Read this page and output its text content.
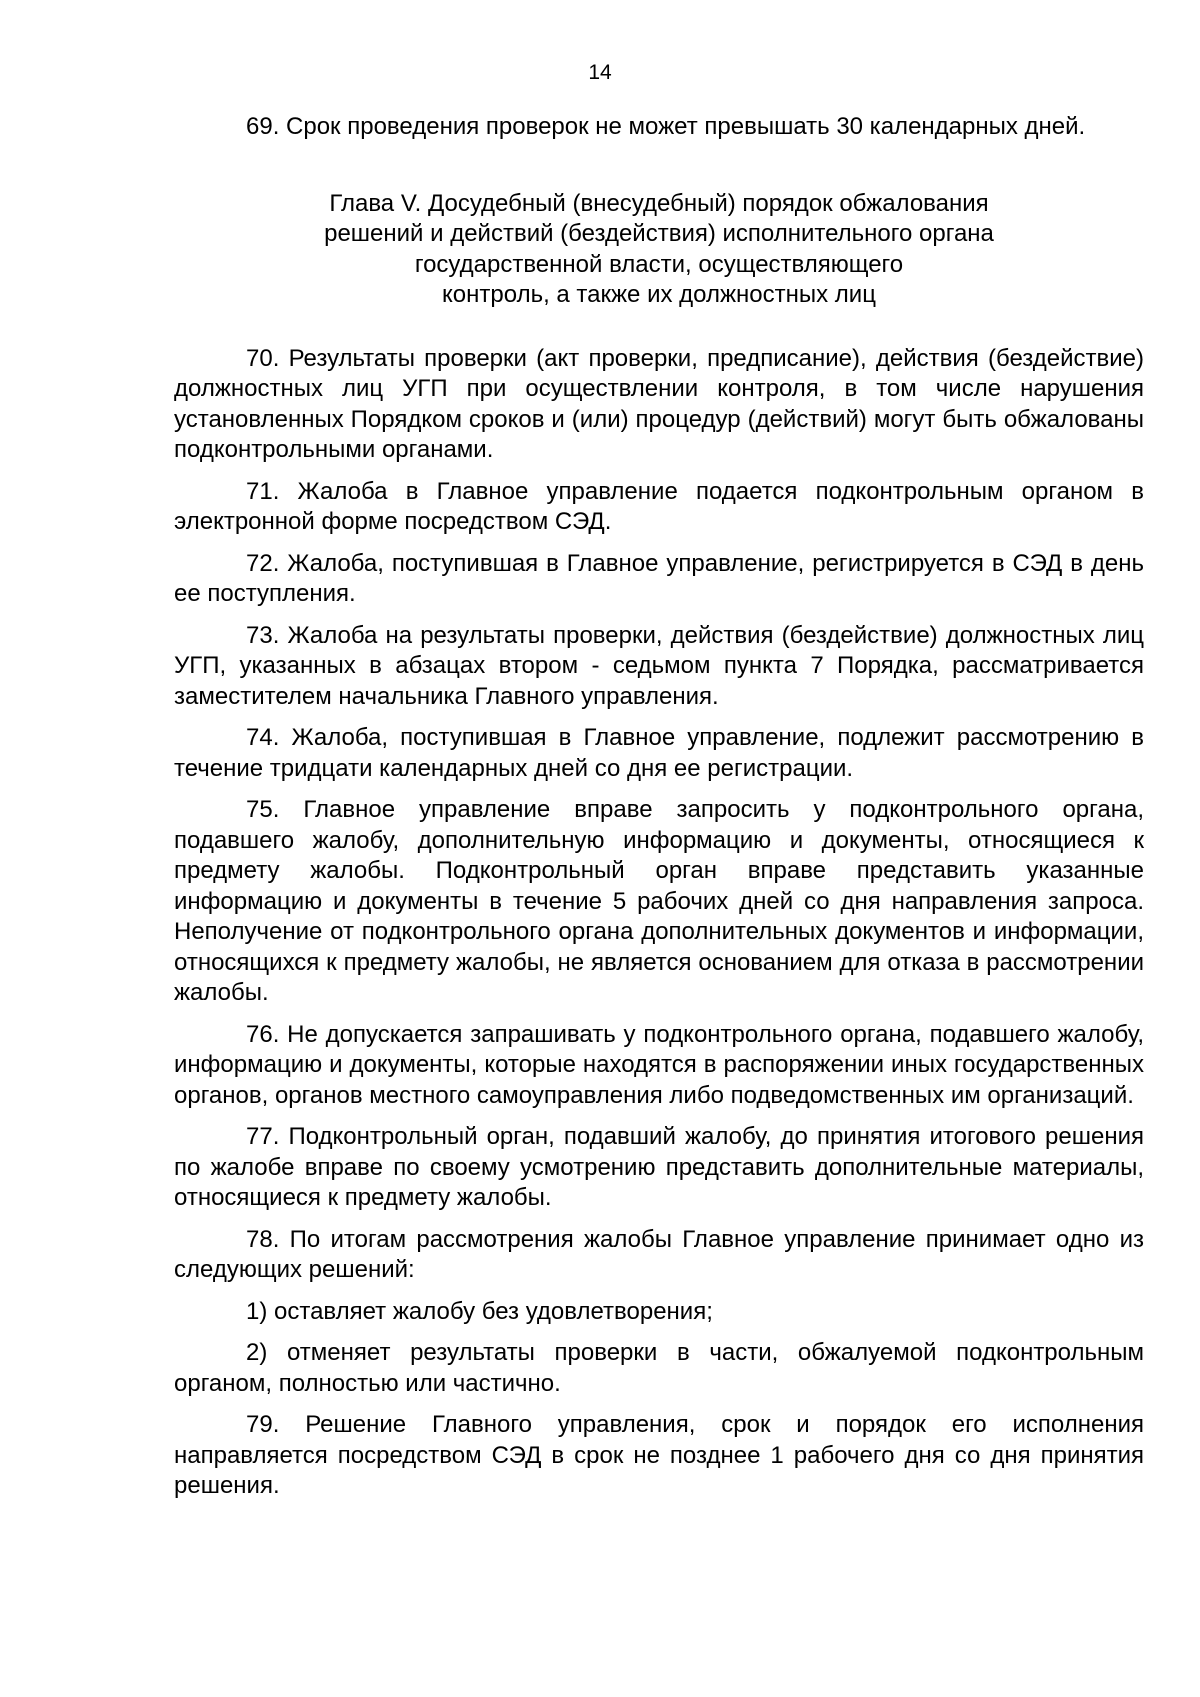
14

69. Срок проведения проверок не может превышать 30 календарных дней.

Глава V. Досудебный (внесудебный) порядок обжалования
решений и действий (бездействия) исполнительного органа
государственной власти, осуществляющего
контроль, а также их должностных лиц

70. Результаты проверки (акт проверки, предписание), действия (бездействие) должностных лиц УГП при осуществлении контроля, в том числе нарушения установленных Порядком сроков и (или) процедур (действий) могут быть обжалованы подконтрольными органами.

71. Жалоба в Главное управление подается подконтрольным органом в электронной форме посредством СЭД.

72. Жалоба, поступившая в Главное управление, регистрируется в СЭД в день ее поступления.

73. Жалоба на результаты проверки, действия (бездействие) должностных лиц УГП, указанных в абзацах втором - седьмом пункта 7 Порядка, рассматривается заместителем начальника Главного управления.

74. Жалоба, поступившая в Главное управление, подлежит рассмотрению в течение тридцати календарных дней со дня ее регистрации.

75. Главное управление вправе запросить у подконтрольного органа, подавшего жалобу, дополнительную информацию и документы, относящиеся к предмету жалобы. Подконтрольный орган вправе представить указанные информацию и документы в течение 5 рабочих дней со дня направления запроса. Неполучение от подконтрольного органа дополнительных документов и информации, относящихся к предмету жалобы, не является основанием для отказа в рассмотрении жалобы.

76. Не допускается запрашивать у подконтрольного органа, подавшего жалобу, информацию и документы, которые находятся в распоряжении иных государственных органов, органов местного самоуправления либо подведомственных им организаций.

77. Подконтрольный орган, подавший жалобу, до принятия итогового решения по жалобе вправе по своему усмотрению представить дополнительные материалы, относящиеся к предмету жалобы.

78. По итогам рассмотрения жалобы Главное управление принимает одно из следующих решений:

1) оставляет жалобу без удовлетворения;

2) отменяет результаты проверки в части, обжалуемой подконтрольным органом, полностью или частично.

79. Решение Главного управления, срок и порядок его исполнения направляется посредством СЭД в срок не позднее 1 рабочего дня со дня принятия решения.
